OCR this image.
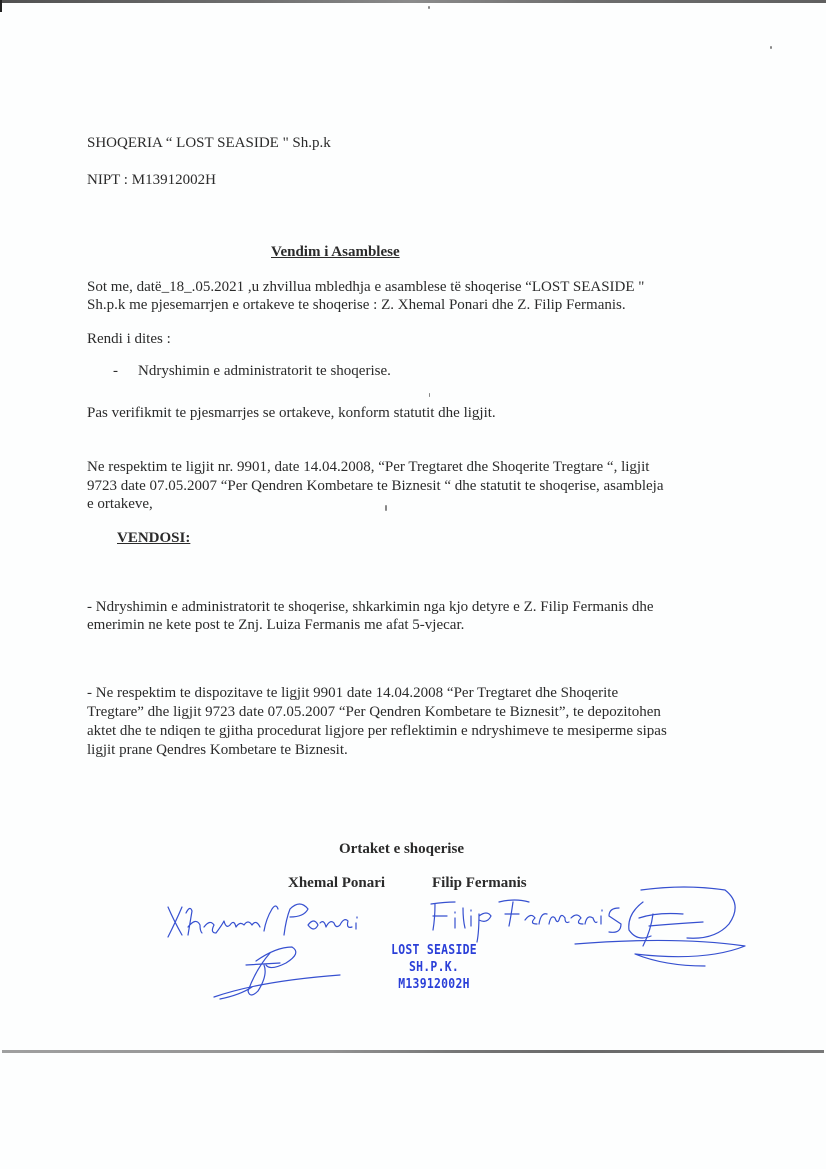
SHOQERIA “ LOST SEASIDE " Sh.p.k
NIPT : M13912002H
Vendim i Asamblese
Sot me, datë_18_.05.2021 ,u zhvillua mbledhja e asamblese të shoqerise “LOST SEASIDE "
Sh.p.k me pjesemarrjen e ortakeve te shoqerise : Z. Xhemal Ponari dhe Z. Filip Fermanis.
Rendi i dites :
- Ndryshimin e administratorit te shoqerise.
Pas verifikmit te pjesmarrjes se ortakeve, konform statutit dhe ligjit.
Ne respektim te ligjit nr. 9901, date 14.04.2008, “Per Tregtaret dhe Shoqerite Tregtare “, ligjit
9723 date 07.05.2007 “Per Qendren Kombetare te Biznesit “ dhe statutit te shoqerise, asambleja
e ortakeve,
VENDOSI:
- Ndryshimin e administratorit te shoqerise, shkarkimin nga kjo detyre e Z. Filip Fermanis dhe
emerimin ne kete post te Znj. Luiza Fermanis me afat 5-vjecar.
- Ne respektim te dispozitave te ligjit 9901 date 14.04.2008 “Per Tregtaret dhe Shoqerite
Tregtare” dhe ligjit 9723 date 07.05.2007 “Per Qendren Kombetare te Biznesit”, te depozitohen
aktet dhe te ndiqen te gjitha procedurat ligjore per reflektimin e ndryshimeve te mesiperme sipas
ligjit prane Qendres Kombetare te Biznesit.
Ortaket e shoqerise
Xhemal Ponari	Filip Fermanis
LOST SEASIDE
SH.P.K.
M13912002H
